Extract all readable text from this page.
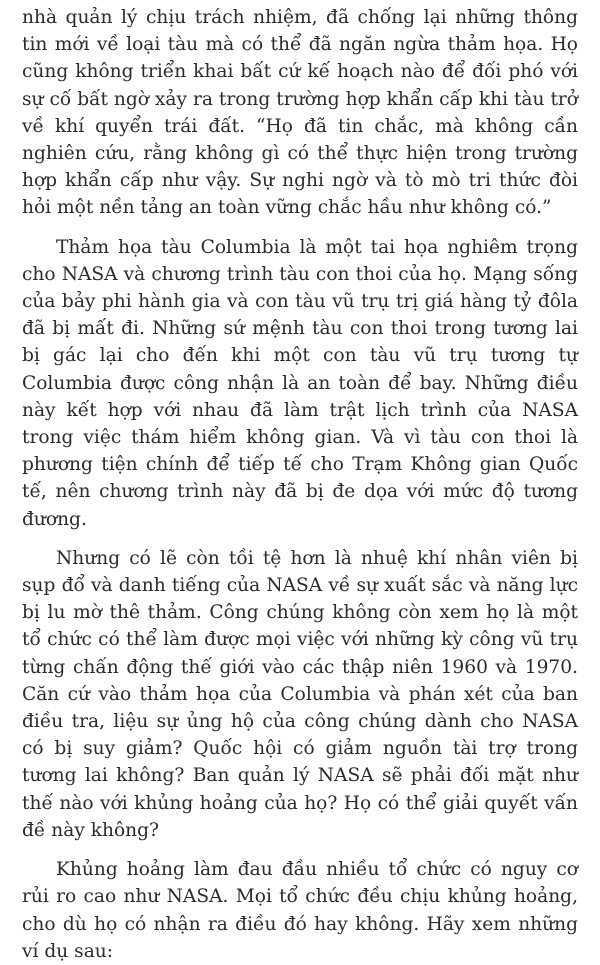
nhà quản lý chịu trách nhiệm, đã chống lại những thông tin mới về loại tàu mà có thể đã ngăn ngừa thảm họa. Họ cũng không triển khai bất cứ kế hoạch nào để đối phó với sự cố bất ngờ xảy ra trong trường hợp khẩn cấp khi tàu trở về khí quyển trái đất. “Họ đã tin chắc, mà không cần nghiên cứu, rằng không gì có thể thực hiện trong trường hợp khẩn cấp như vậy. Sự nghi ngờ và tò mò tri thức đòi hỏi một nền tảng an toàn vững chắc hầu như không có.”

Thảm họa tàu Columbia là một tai họa nghiêm trọng cho NASA và chương trình tàu con thoi của họ. Mạng sống của bảy phi hành gia và con tàu vũ trụ trị giá hàng tỷ đôla đã bị mất đi. Những sứ mệnh tàu con thoi trong tương lai bị gác lại cho đến khi một con tàu vũ trụ tương tự Columbia được công nhận là an toàn để bay. Những điều này kết hợp với nhau đã làm trật lịch trình của NASA trong việc thám hiểm không gian. Và vì tàu con thoi là phương tiện chính để tiếp tế cho Trạm Không gian Quốc tế, nên chương trình này đã bị đe dọa với mức độ tương đương.

Nhưng có lẽ còn tồi tệ hơn là nhuệ khí nhân viên bị sụp đổ và danh tiếng của NASA về sự xuất sắc và năng lực bị lu mờ thê thảm. Công chúng không còn xem họ là một tổ chức có thể làm được mọi việc với những kỳ công vũ trụ từng chấn động thế giới vào các thập niên 1960 và 1970. Căn cứ vào thảm họa của Columbia và phán xét của ban điều tra, liệu sự ủng hộ của công chúng dành cho NASA có bị suy giảm? Quốc hội có giảm nguồn tài trợ trong tương lai không? Ban quản lý NASA sẽ phải đối mặt như thế nào với khủng hoảng của họ? Họ có thể giải quyết vấn đề này không?

Khủng hoảng làm đau đầu nhiều tổ chức có nguy cơ rủi ro cao như NASA. Mọi tổ chức đều chịu khủng hoảng, cho dù họ có nhận ra điều đó hay không. Hãy xem những ví dụ sau:
